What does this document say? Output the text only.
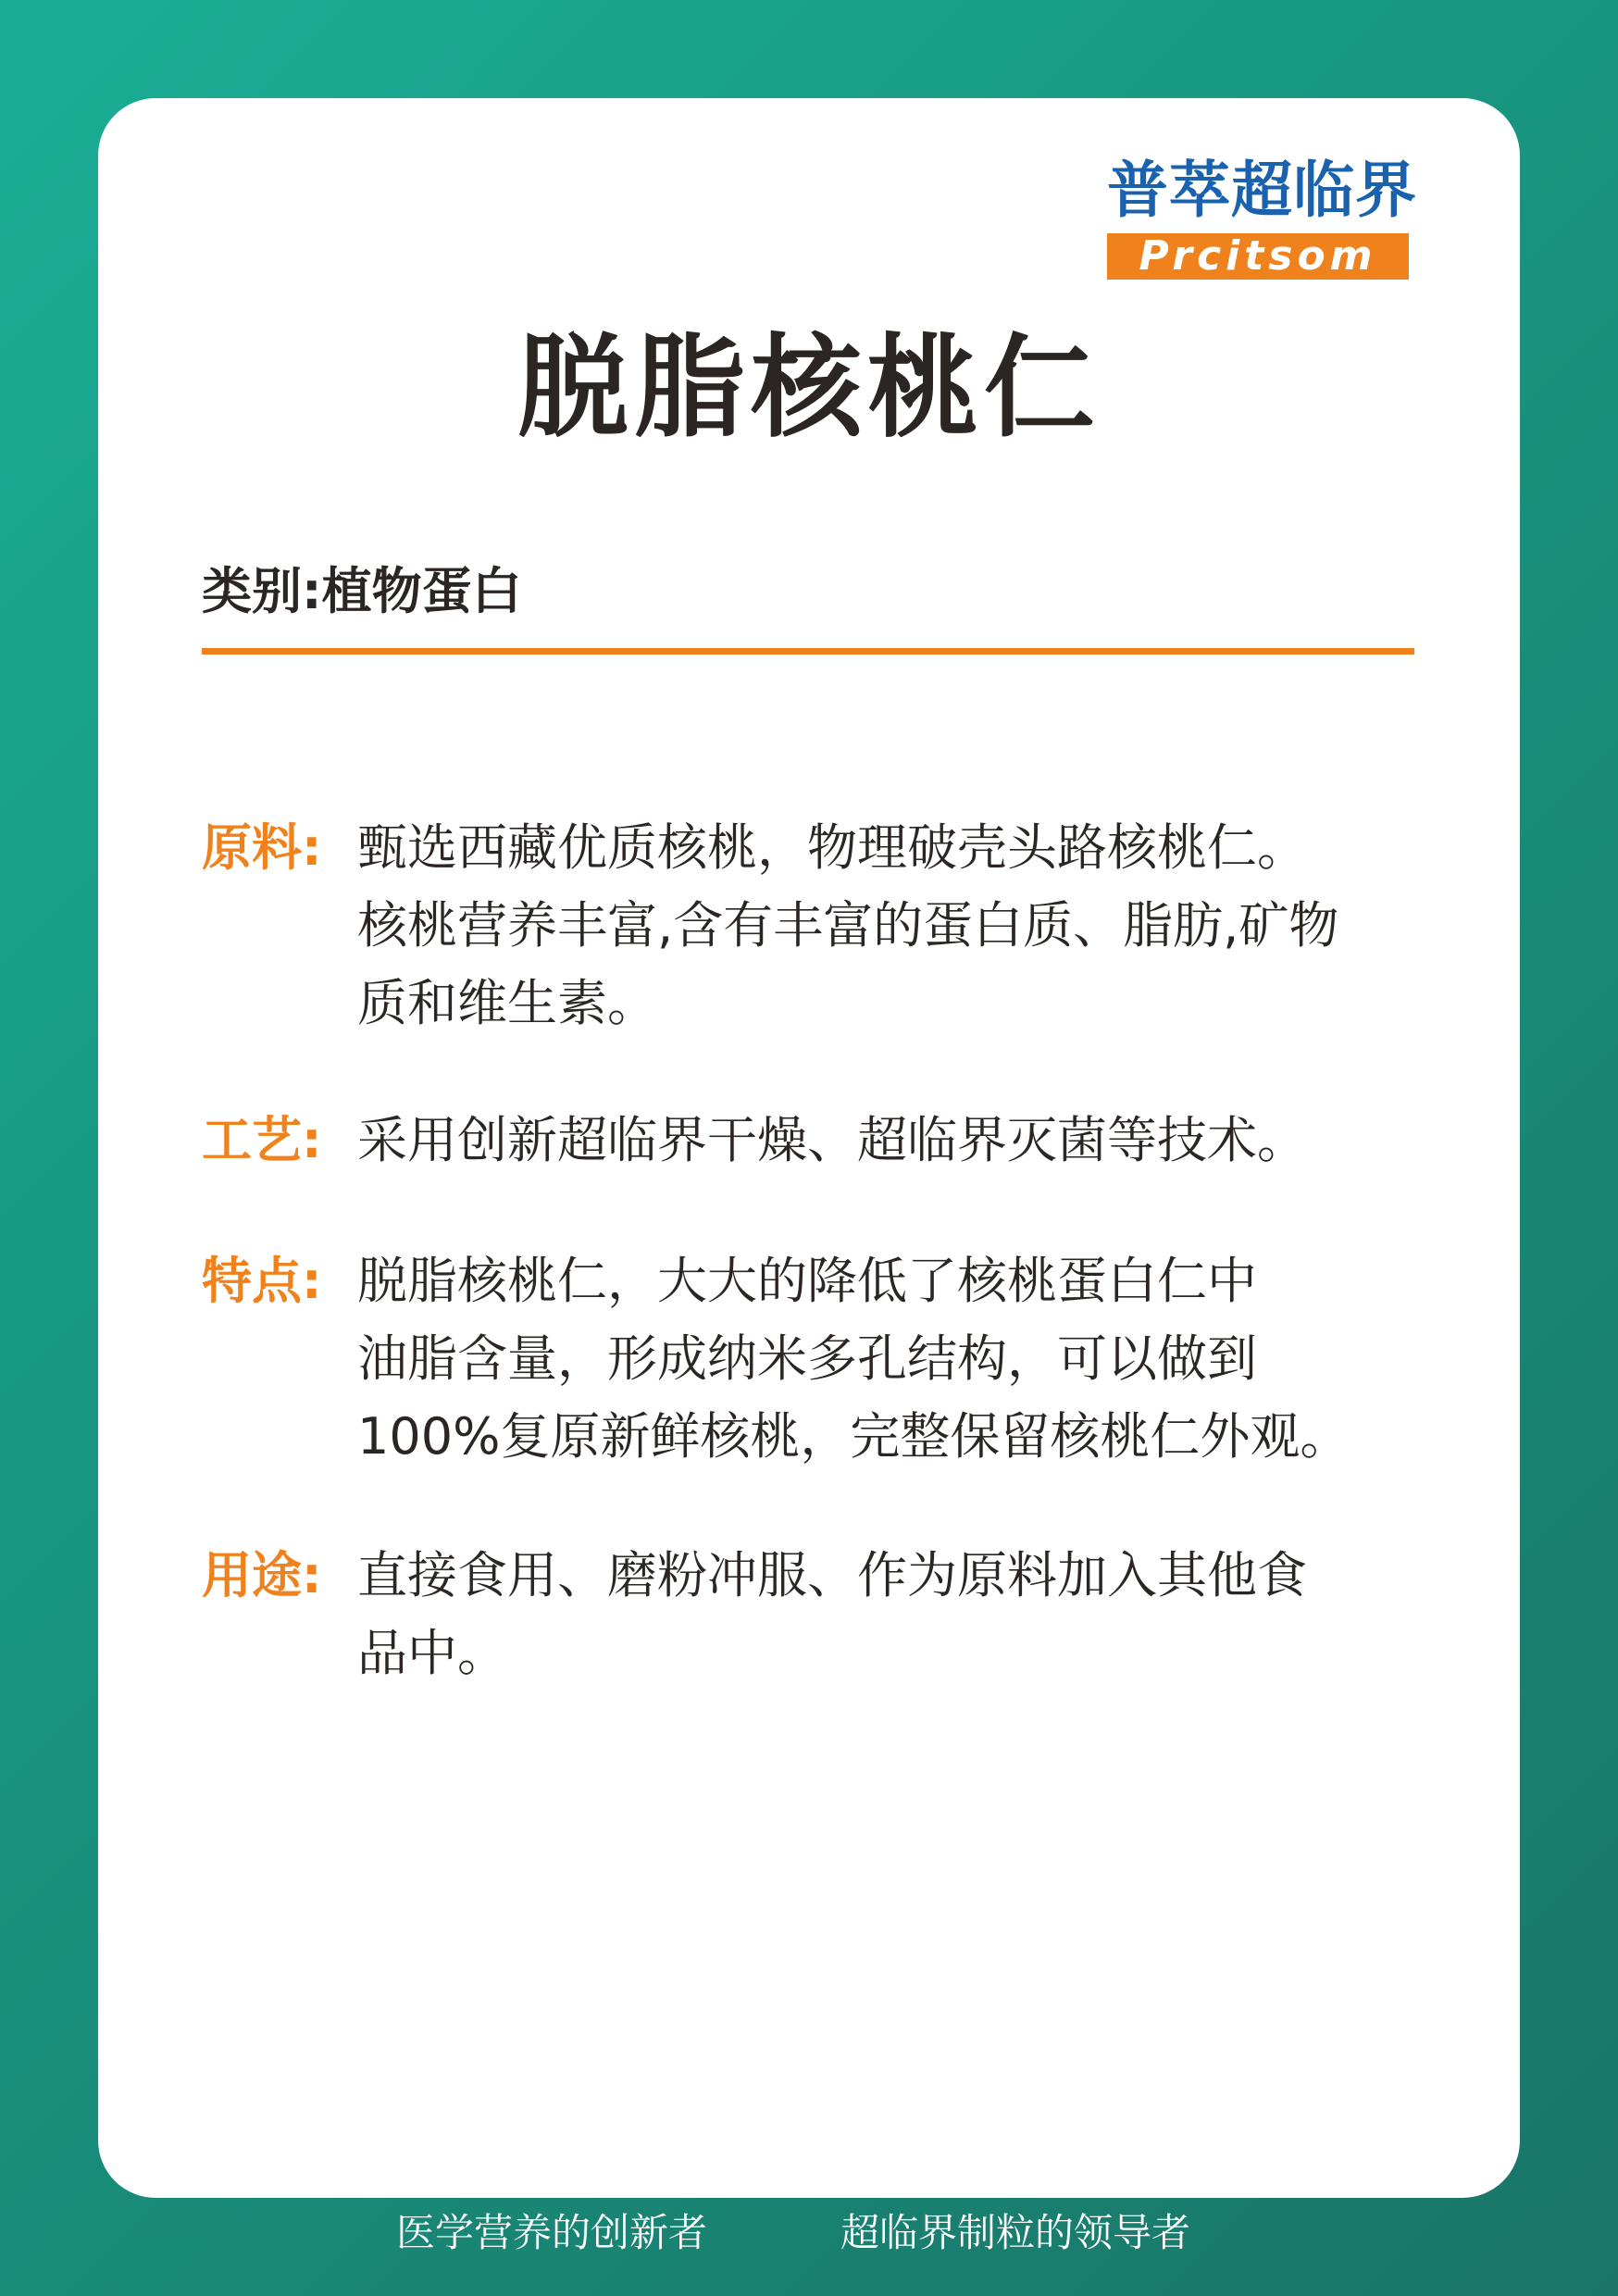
普萃超临界
Prcitsom
脱脂核桃仁
类别:植物蛋白
原料: 甄选西藏优质核桃，物理破壳头路核桃仁。
核桃营养丰富,含有丰富的蛋白质、脂肪,矿物
质和维生素。
工艺: 采用创新超临界干燥、超临界灭菌等技术。
特点: 脱脂核桃仁，大大的降低了核桃蛋白仁中
油脂含量，形成纳米多孔结构，可以做到
100%复原新鲜核桃，完整保留核桃仁外观。
用途: 直接食用、磨粉冲服、作为原料加入其他食
品中。
医学营养的创新者	超临界制粒的领导者
